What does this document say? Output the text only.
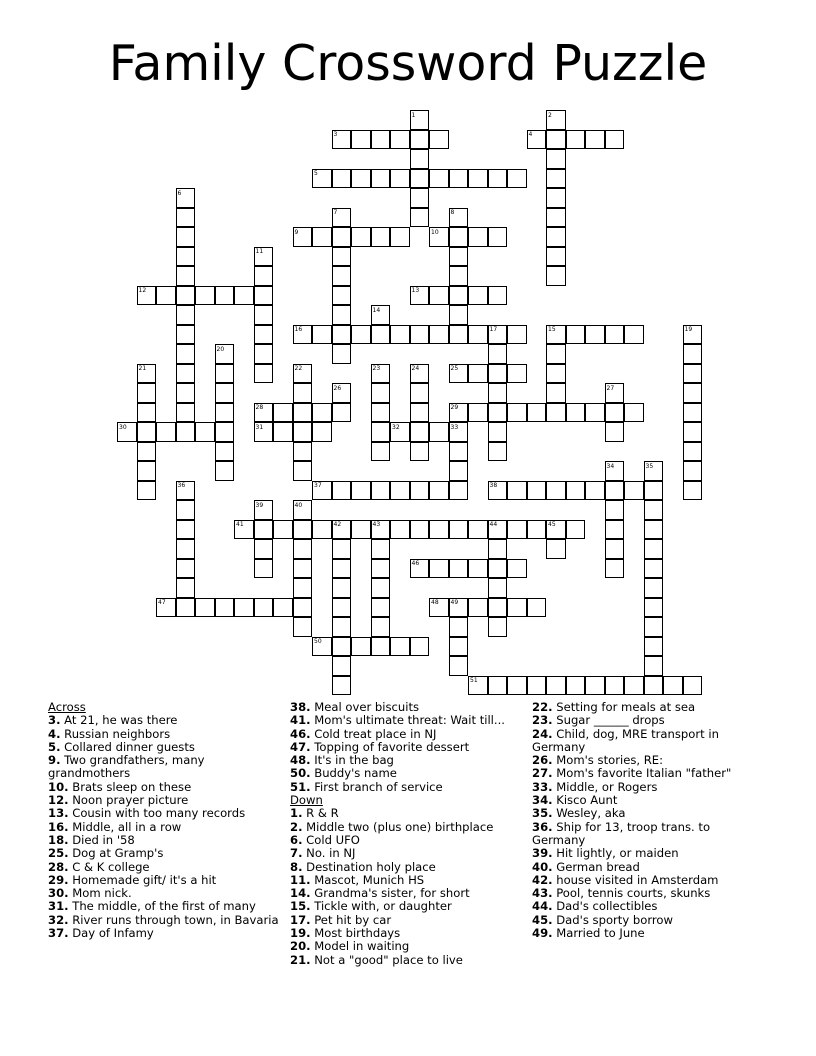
Family Crossword Puzzle
1	2
3	4
5
6
7	8
9	10
11
12	13
14
15
16	17	19
20
21	22	23	24	25
26	27
28	29
30	31	32	33
34	35
36	37	38
39	40
41	42	43	44	45
46
47	48 49
50
51
Across
3. At 21, he was there
4. Russian neighbors
5. Collared dinner guests
9. Two grandfathers, many grandmothers
10. Brats sleep on these
12. Noon prayer picture
13. Cousin with too many records
16. Middle, all in a row
18. Died in '58
25. Dog at Gramp's
28. C & K college
29. Homemade gift/ it's a hit
30. Mom nick.
31. The middle, of the first of many
32. River runs through town, in Bavaria
37. Day of Infamy
38. Meal over biscuits
41. Mom's ultimate threat: Wait till...
46. Cold treat place in NJ
47. Topping of favorite dessert
48. It's in the bag
50. Buddy's name
51. First branch of service
Down
1. R & R
2. Middle two (plus one) birthplace
6. Cold UFO
7. No. in NJ
8. Destination holy place
11. Mascot, Munich HS
14. Grandma's sister, for short
15. Tickle with, or daughter
17. Pet hit by car
19. Most birthdays
20. Model in waiting
21. Not a "good" place to live
22. Setting for meals at sea
23. Sugar ______ drops
24. Child, dog, MRE transport in Germany
26. Mom's stories, RE:
27. Mom's favorite Italian "father"
33. Middle, or Rogers
34. Kisco Aunt
35. Wesley, aka
36. Ship for 13, troop trans. to Germany
39. Hit lightly, or maiden
40. German bread
42. house visited in Amsterdam
43. Pool, tennis courts, skunks
44. Dad's collectibles
45. Dad's sporty borrow
49. Married to June
